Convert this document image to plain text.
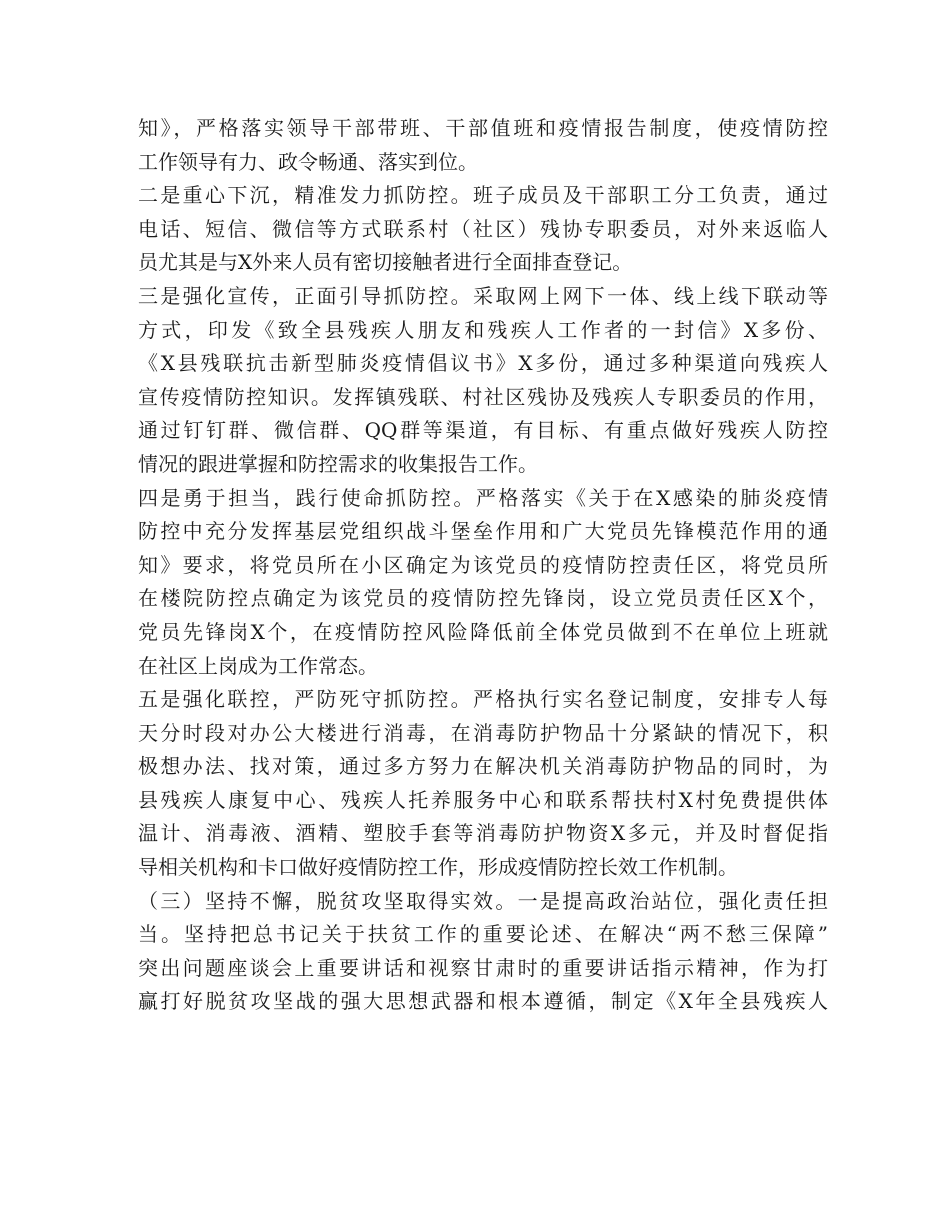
知》，严格落实领导干部带班、干部值班和疫情报告制度，使疫情防控
工作领导有力、政令畅通、落实到位。
二是重心下沉，精准发力抓防控。班子成员及干部职工分工负责，通过
电话、短信、微信等方式联系村（社区）残协专职委员，对外来返临人
员尤其是与X外来人员有密切接触者进行全面排查登记。
三是强化宣传，正面引导抓防控。采取网上网下一体、线上线下联动等
方式，印发《致全县残疾人朋友和残疾人工作者的一封信》X多份、
《X县残联抗击新型肺炎疫情倡议书》X多份，通过多种渠道向残疾人
宣传疫情防控知识。发挥镇残联、村社区残协及残疾人专职委员的作用，
通过钉钉群、微信群、QQ群等渠道，有目标、有重点做好残疾人防控
情况的跟进掌握和防控需求的收集报告工作。
四是勇于担当，践行使命抓防控。严格落实《关于在X感染的肺炎疫情
防控中充分发挥基层党组织战斗堡垒作用和广大党员先锋模范作用的通
知》要求，将党员所在小区确定为该党员的疫情防控责任区，将党员所
在楼院防控点确定为该党员的疫情防控先锋岗，设立党员责任区X个，
党员先锋岗X个，在疫情防控风险降低前全体党员做到不在单位上班就
在社区上岗成为工作常态。
五是强化联控，严防死守抓防控。严格执行实名登记制度，安排专人每
天分时段对办公大楼进行消毒，在消毒防护物品十分紧缺的情况下，积
极想办法、找对策，通过多方努力在解决机关消毒防护物品的同时，为
县残疾人康复中心、残疾人托养服务中心和联系帮扶村X村免费提供体
温计、消毒液、酒精、塑胶手套等消毒防护物资X多元，并及时督促指
导相关机构和卡口做好疫情防控工作，形成疫情防控长效工作机制。
（三）坚持不懈，脱贫攻坚取得实效。一是提高政治站位，强化责任担
当。坚持把总书记关于扶贫工作的重要论述、在解决“两不愁三保障”
突出问题座谈会上重要讲话和视察甘肃时的重要讲话指示精神，作为打
赢打好脱贫攻坚战的强大思想武器和根本遵循，制定《X年全县残疾人
